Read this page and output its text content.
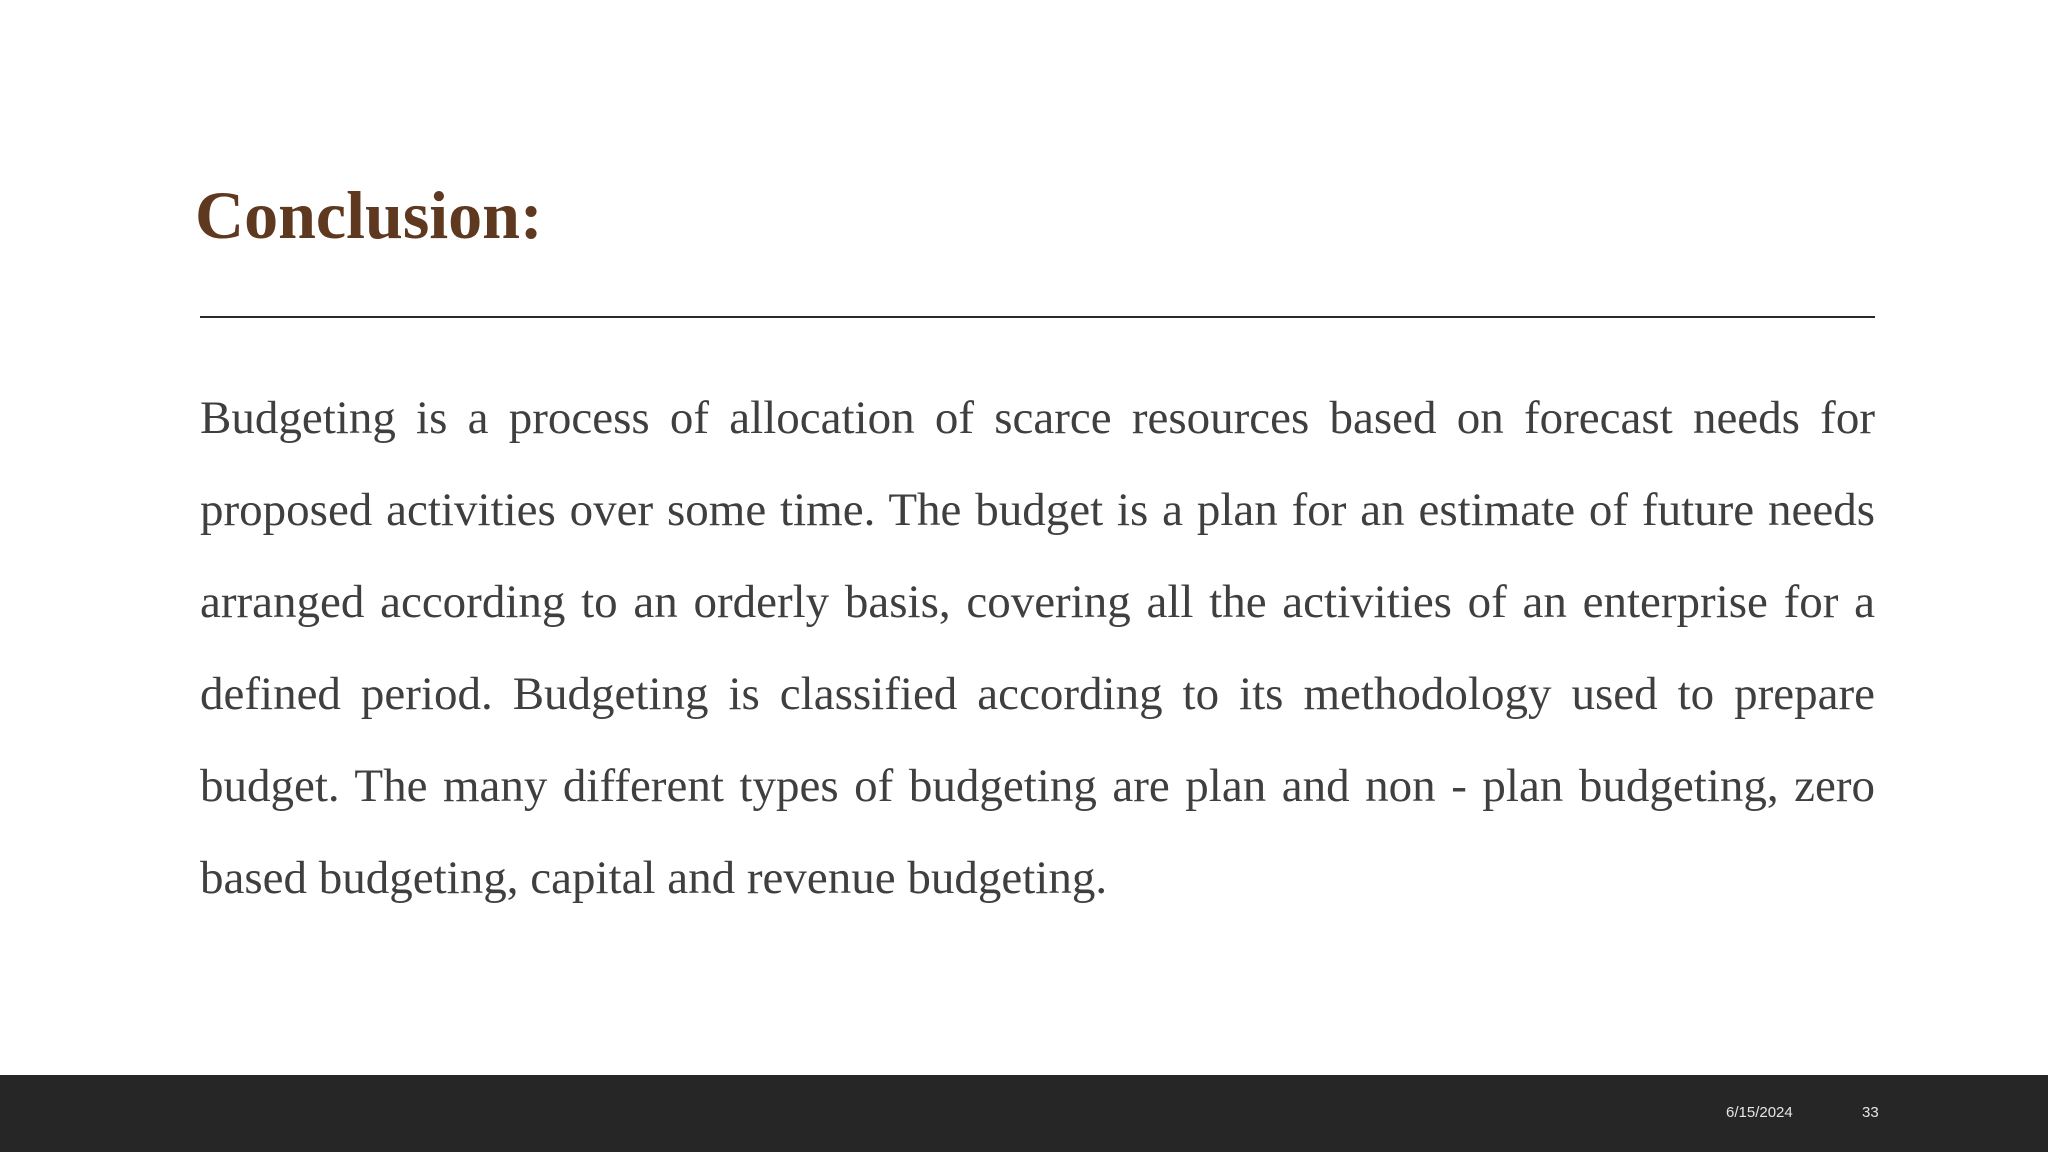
Conclusion:

Budgeting is a process of allocation of scarce resources based on forecast needs for proposed activities over some time. The budget is a plan for an estimate of future needs arranged according to an orderly basis, covering all the activities of an enterprise for a defined period. Budgeting is classified according to its methodology used to prepare budget. The many different types of budgeting are plan and non - plan budgeting, zero based budgeting, capital and revenue budgeting.

6/15/2024	33
